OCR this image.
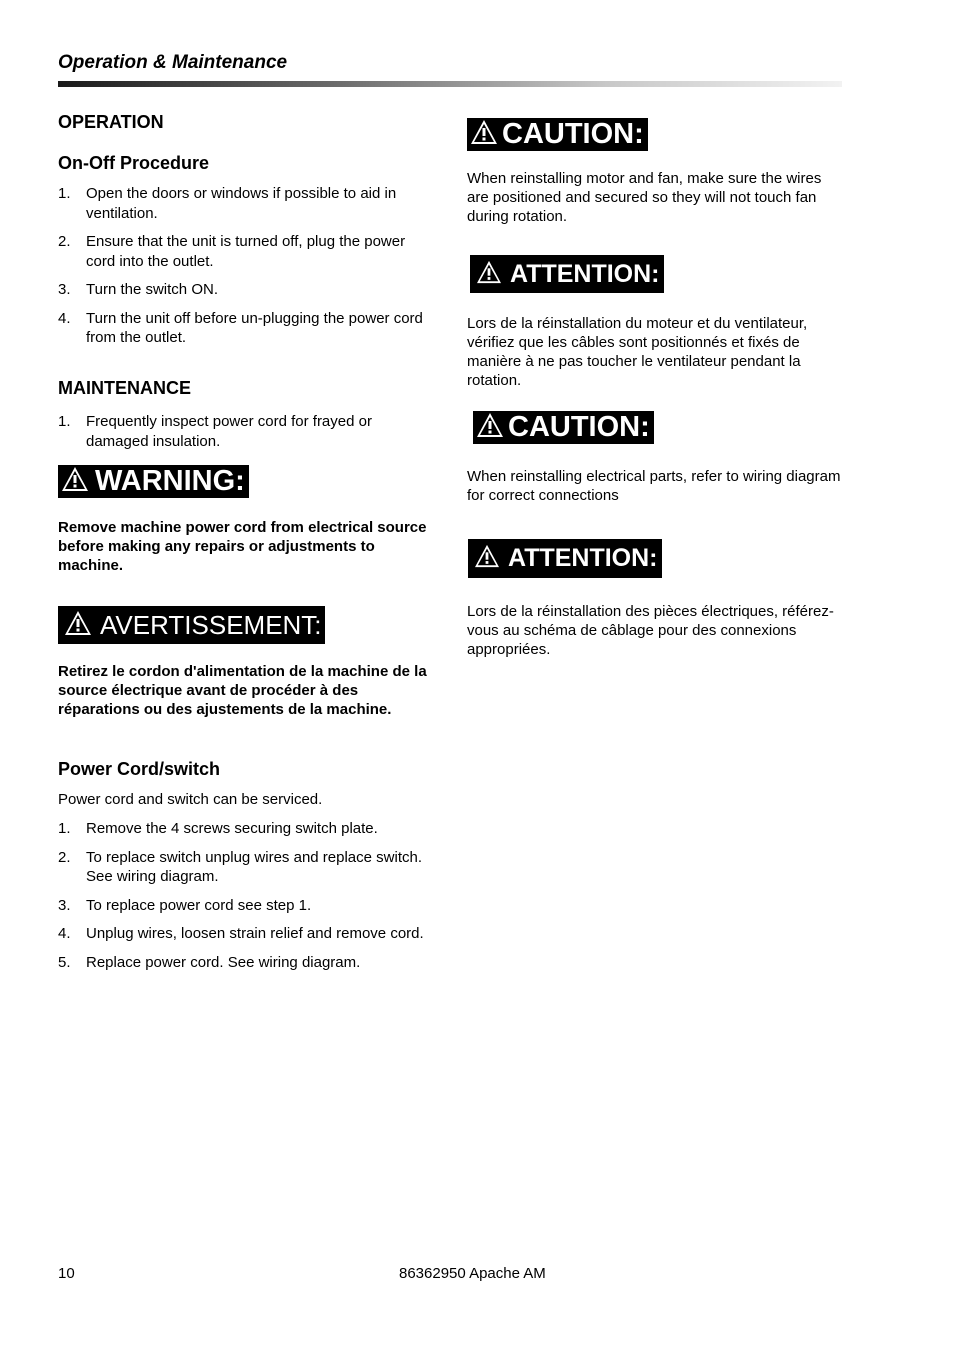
Operation & Maintenance
OPERATION
On-Off Procedure
1. Open the doors or windows if possible to aid in ventilation.
2. Ensure that the unit is turned off, plug the power cord into the outlet.
3. Turn the switch ON.
4. Turn the unit off before un-plugging the power cord from the outlet.
MAINTENANCE
1. Frequently inspect power cord for frayed or damaged insulation.
WARNING:

Remove machine power cord from electrical source before making any repairs or adjustments to machine.

AVERTISSEMENT:

Retirez le cordon d'alimentation de la machine de la source électrique avant de procéder à des réparations ou des ajustements de la machine.

Power Cord/switch

Power cord and switch can be serviced.

1. Remove the 4 screws securing switch plate.
2. To replace switch unplug wires and replace switch. See wiring diagram.
3. To replace power cord see step 1.
4. Unplug wires, loosen strain relief and remove cord.
5. Replace power cord. See wiring diagram.
CAUTION:

When reinstalling motor and fan, make sure the wires are positioned and secured so they will not touch fan during rotation.

ATTENTION:

Lors de la réinstallation du moteur et du ventilateur, vérifiez que les câbles sont positionnés et fixés de manière à ne pas toucher le ventilateur pendant la rotation.

CAUTION:

When reinstalling electrical parts, refer to wiring diagram for correct connections

ATTENTION:

Lors de la réinstallation des pièces électriques, référez-vous au schéma de câblage pour des connexions appropriées.

10	86362950 Apache AM
